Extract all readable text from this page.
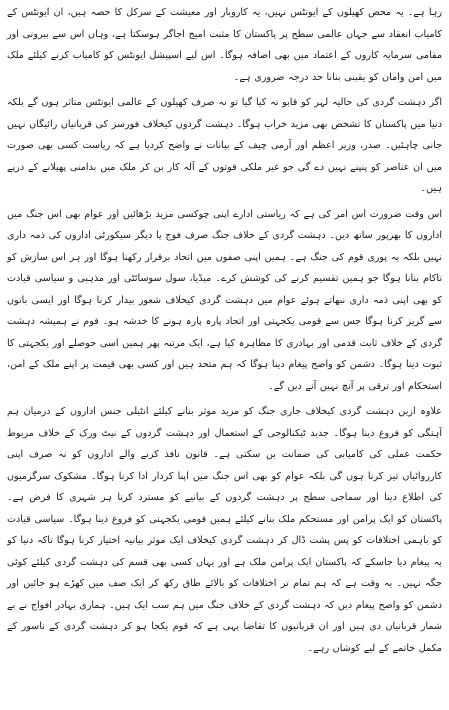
رہا ہے۔ یہ محض کھیلوں کے ایونٹس نہیں، یہ کاروبار اور معیشت کے سرکل کا حصہ ہیں، ان ایونٹس کے کامیاب انعقاد سے جہاں عالمی سطح پر پاکستان کا مثبت امیج اجاگر ہوسکتا ہے، وہاں اس سے بیرونی اور مقامی سرمایہ کاروں کے اعتماد میں بھی اضافہ ہوگا۔ اس لیے اسپیشل ایونٹس کو کامیاب کرنے کیلئے ملک میں امن وامان کو یقینی بنانا حد درجہ ضروری ہے۔

اگر دہشت گردی کی حالیہ لہر کو قابو نہ کیا گیا تو نہ صرف کھیلوں کے عالمی ایونٹس متاثر ہوں گے بلکہ دنیا میں پاکستان کا تشخص بھی مزید خراب ہوگا۔ دہشت گردوں کیخلاف فورسز کی قربانیاں رائیگاں نہیں جانی چاہئیں۔ صدر، وزیر اعظم اور آرمی چیف کے بیانات نے واضح کردیا ہے کہ ریاست کسی بھی صورت میں ان عناصر کو پنپنے نہیں دے گی جو غیر ملکی قوتوں کے آلہ کار بن کر ملک میں بدامنی پھیلانے کے درپے ہیں۔

اس وقت ضرورت اس امر کی ہے کہ ریاستی ادارے اپنی چوکسی مزید بڑھائیں اور عوام بھی اس جنگ میں اداروں کا بھرپور ساتھ دیں۔ دہشت گردی کے خلاف جنگ صرف فوج یا دیگر سیکورٹی اداروں کی ذمہ داری نہیں بلکہ یہ پوری قوم کی جنگ ہے۔ ہمیں اپنی صفوں میں اتحاد برقرار رکھنا ہوگا اور ہر اس سازش کو ناکام بنانا ہوگا جو ہمیں تقسیم کرنے کی کوشش کرے۔ میڈیا، سول سوسائٹی اور مذہبی و سیاسی قیادت کو بھی اپنی ذمہ داری نبھاتے ہوئے عوام میں دہشت گردی کیخلاف شعور بیدار کرنا ہوگا اور ایسی باتوں سے گریز کرنا ہوگا جس سے قومی یکجہتی اور اتحاد پارہ پارہ ہونے کا خدشہ ہو۔ قوم نے ہمیشہ دہشت گردی کے خلاف ثابت قدمی اور بہادری کا مظاہرہ کیا ہے، ایک مرتبہ پھر ہمیں اسی حوصلے اور یکجہتی کا ثبوت دینا ہوگا۔ دشمن کو واضح پیغام دینا ہوگا کہ ہم متحد ہیں اور کسی بھی قیمت پر اپنے ملک کے امن، استحکام اور ترقی پر آنچ نہیں آنے دیں گے۔

علاوہ ازیں دہشت گردی کیخلاف جاری جنگ کو مزید موثر بنانے کیلئے انٹیلی جنس اداروں کے درمیان ہم آہنگی کو فروغ دینا ہوگا۔ جدید ٹیکنالوجی کے استعمال اور دہشت گردوں کے نیٹ ورک کے خلاف مربوط حکمت عملی کی کامیابی کی ضمانت بن سکتی ہے۔ قانون نافذ کرنے والے اداروں کو نہ صرف اپنی کارروائیاں تیز کرنا ہوں گی بلکہ عوام کو بھی اس جنگ میں اپنا کردار ادا کرنا ہوگا۔ مشکوک سرگرمیوں کی اطلاع دینا اور سماجی سطح پر دہشت گردوں کے بیانیے کو مسترد کرنا ہر شہری کا فرض ہے۔ پاکستان کو ایک پرامن اور مستحکم ملک بنانے کیلئے ہمیں قومی یکجہتی کو فروغ دینا ہوگا۔ سیاسی قیادت کو باہمی اختلافات کو پس پشت ڈال کر دہشت گردی کیخلاف ایک موثر بیانیہ اختیار کرنا ہوگا تاکہ دنیا کو یہ پیغام دیا جاسکے کہ پاکستان ایک پرامن ملک ہے اور یہاں کسی بھی قسم کی دہشت گردی کیلئے کوئی جگہ نہیں۔ یہ وقت ہے کہ ہم تمام تر اختلافات کو بالائے طاق رکھ کر ایک صف میں کھڑے ہو جائیں اور دشمن کو واضح پیغام دیں کہ دہشت گردی کے خلاف جنگ میں ہم سب ایک ہیں۔ ہماری بہادر افواج نے بے شمار قربانیاں دی ہیں اور ان قربانیوں کا تقاضا یہی ہے کہ قوم یکجا ہو کر دہشت گردی کے ناسور کے مکمل خاتمے کے لیے کوشاں رہے۔
